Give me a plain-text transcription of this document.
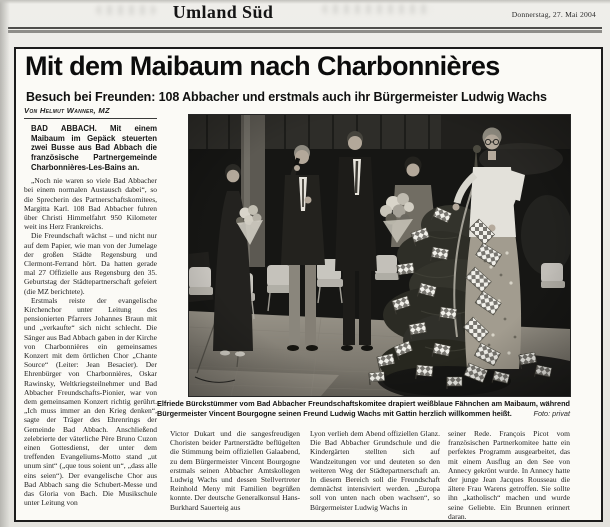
Umland Süd	Donnerstag, 27. Mai 2004
Mit dem Maibaum nach Charbonnières
Besuch bei Freunden: 108 Abbacher und erstmals auch ihr Bürgermeister Ludwig Wachs
Von Helmut Wanner, MZ

BAD ABBACH. Mit einem Maibaum im Gepäck steuerten zwei Busse aus Bad Abbach die französische Partnergemeinde Charbonnières-Les-Bains an.

„Noch nie waren so viele Bad Abbacher bei einem normalen Austausch dabei“, so die Sprecherin des Partnerschaftskomitees, Margitta Karl. 108 Bad Abbacher fuhren über Christi Himmelfahrt 950 Kilometer weit ins Herz Frankreichs.

Die Freundschaft wächst – und nicht nur auf dem Papier, wie man von der Jumelage der großen Städte Regensburg und Clermont-Ferrand hört. Da hatten gerade mal 27 Offizielle aus Regensburg den 35. Geburtstag der Städtepartnerschaft gefeiert (die MZ berichtete).

Erstmals reiste der evangelische Kirchenchor unter Leitung des pensionierten Pfarrers Johannes Braun mit und „verkaufte“ sich nicht schlecht. Die Sänger aus Bad Abbach gaben in der Kirche von Charbonnières ein gemeinsames Konzert mit dem örtlichen Chor „Chante Source“ (Leiter: Jean Besacier). Der Ehrenbürger von Charbonnières, Oskar Rawinsky, Weltkriegsteilnehmer und Bad Abbacher Freundschafts-Pionier, war von dem gemeinsamen Konzert richtig gerührt. „Ich muss immer an den Krieg denken“, sagte der Träger des Ehrenrings der Gemeinde Bad Abbach. Anschließend zelebrierte der väterliche Père Bruno Cuzon einen Gottesdienst, der unter dem treffenden Evangeliums-Motto stand „ut unum sint“ („que tous soient un“, „dass alle eins seien“). Der evangelische Chor aus Bad Abbach sang die Schubert-Messe und das Gloria von Bach. Die Musikschule unter Leitung von

Elfriede Bürckstümmer vom Bad Abbacher Freundschaftskomitee drapiert weißblaue Fähnchen am Maibaum, während Bürgermeister Vincent Bourgogne seinen Freund Ludwig Wachs mit Gattin herzlich willkommen heißt.	Foto: privat

Victor Dukart und die sangesfreudigen Choristen beider Partnerstädte beflügelten die Stimmung beim offiziellen Galaabend, zu dem Bürgermeister Vincent Bourgogne erstmals seinen Abbacher Amtskollegen Ludwig Wachs und dessen Stellvertreter Reinhold Meny mit Familien begrüßen konnte. Der deutsche Generalkonsul Hans-Burkhard Sauerteig aus

Lyon verlieh dem Abend offiziellen Glanz. Die Bad Abbacher Grundschule und die Kindergärten stellten sich auf Wandzeitungen vor und deuteten so den weiteren Weg der Städtepartnerschaft an. In diesem Bereich soll die Freundschaft demnächst intensiviert werden. „Europa soll von unten nach oben wachsen“, so Bürgermeister Ludwig Wachs in

seiner Rede. François Picot vom französischen Partnerkomitee hatte ein perfektes Programm ausgearbeitet, das mit einem Ausflug an den See von Annecy gekrönt wurde. In Annecy hatte der junge Jean Jacques Rousseau die ältere Frau Warens getroffen. Sie sollte ihn „katholisch“ machen und wurde seine Geliebte. Ein Brunnen erinnert daran.
